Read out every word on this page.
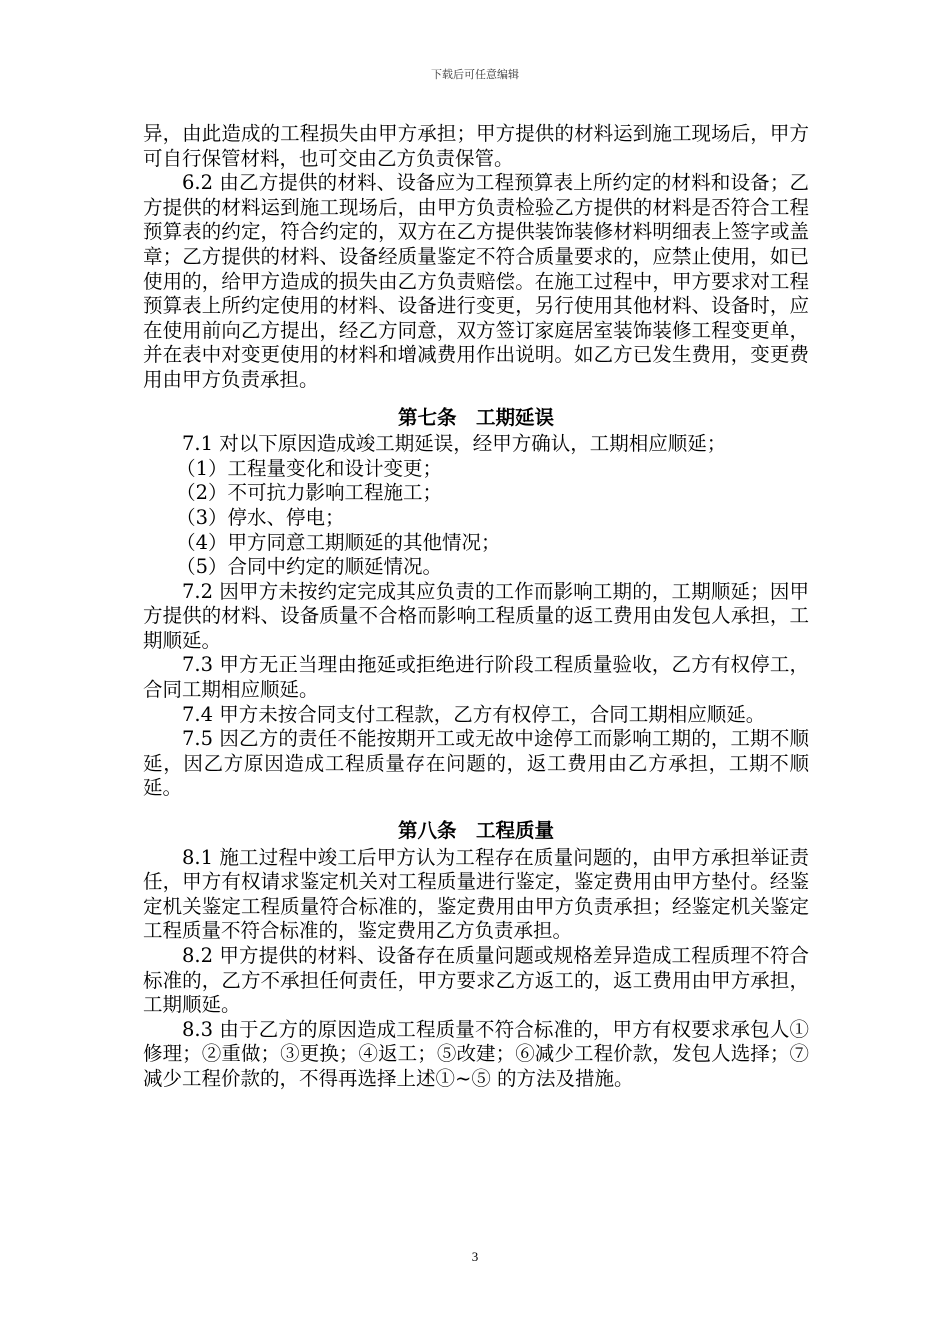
下载后可任意编辑

异，由此造成的工程损失由甲方承担；甲方提供的材料运到施工现场后，甲方可自行保管材料，也可交由乙方负责保管。

6.2 由乙方提供的材料、设备应为工程预算表上所约定的材料和设备；乙方提供的材料运到施工现场后，由甲方负责检验乙方提供的材料是否符合工程预算表的约定，符合约定的，双方在乙方提供装饰装修材料明细表上签字或盖章；乙方提供的材料、设备经质量鉴定不符合质量要求的，应禁止使用，如已使用的，给甲方造成的损失由乙方负责赔偿。在施工过程中，甲方要求对工程预算表上所约定使用的材料、设备进行变更，另行使用其他材料、设备时，应在使用前向乙方提出，经乙方同意，双方签订家庭居室装饰装修工程变更单，并在表中对变更使用的材料和增减费用作出说明。如乙方已发生费用，变更费用由甲方负责承担。

第七条　工期延误

7.1 对以下原因造成竣工期延误，经甲方确认，工期相应顺延；

（1）工程量变化和设计变更；

（2）不可抗力影响工程施工；

（3）停水、停电；

（4）甲方同意工期顺延的其他情况；

（5）合同中约定的顺延情况。

7.2 因甲方未按约定完成其应负责的工作而影响工期的，工期顺延；因甲方提供的材料、设备质量不合格而影响工程质量的返工费用由发包人承担，工期顺延。

7.3 甲方无正当理由拖延或拒绝进行阶段工程质量验收，乙方有权停工，合同工期相应顺延。

7.4 甲方未按合同支付工程款，乙方有权停工，合同工期相应顺延。

7.5 因乙方的责任不能按期开工或无故中途停工而影响工期的，工期不顺延，因乙方原因造成工程质量存在问题的，返工费用由乙方承担，工期不顺延。

第八条　工程质量

8.1 施工过程中竣工后甲方认为工程存在质量问题的，由甲方承担举证责任，甲方有权请求鉴定机关对工程质量进行鉴定，鉴定费用由甲方垫付。经鉴定机关鉴定工程质量符合标准的，鉴定费用由甲方负责承担；经鉴定机关鉴定工程质量不符合标准的，鉴定费用乙方负责承担。

8.2 甲方提供的材料、设备存在质量问题或规格差异造成工程质理不符合标准的，乙方不承担任何责任，甲方要求乙方返工的，返工费用由甲方承担，工期顺延。

8.3 由于乙方的原因造成工程质量不符合标准的，甲方有权要求承包人①修理；②重做；③更换；④返工；⑤改建；⑥减少工程价款，发包人选择；⑦减少工程价款的，不得再选择上述①~⑤ 的方法及措施。

3
